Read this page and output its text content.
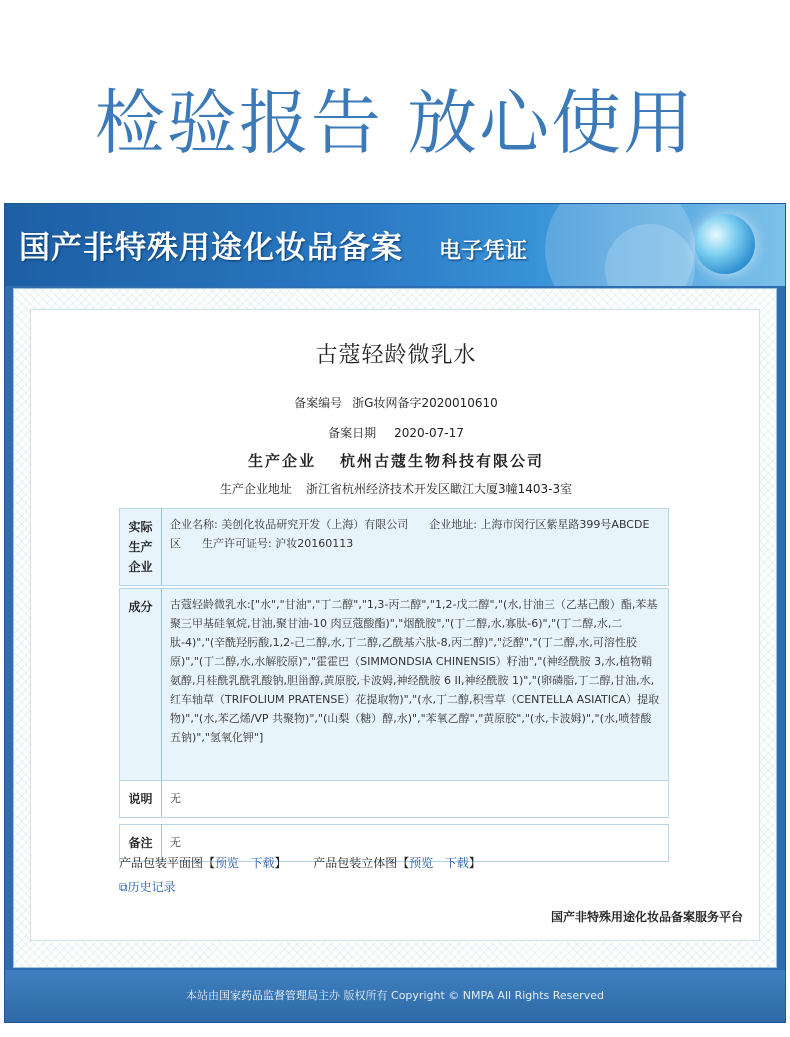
检验报告 放心使用
国产非特殊用途化妆品备案 电子凭证
古蔻轻龄微乳水
备案编号 浙G妆网备字2020010610
备案日期 2020-07-17
生产企业 杭州古蔻生物科技有限公司
生产企业地址 浙江省杭州经济技术开发区瞰江大厦3幢1403-3室
实际生产企业	企业名称: 美创化妆品研究开发（上海）有限公司 企业地址: 上海市闵行区紫星路399号ABCDE区 生产许可证号: 沪妆20160113
成分	古蔻轻龄微乳水:["水","甘油","丁二醇","1,3-丙二醇","1,2-戊二醇","(水,甘油三（乙基己酸）酯,苯基聚三甲基硅氧烷,甘油,聚甘油-10 肉豆蔻酸酯)","烟酰胺","(丁二醇,水,寡肽-6)","(丁二醇,水,二肽-4)","(辛酰羟肟酸,1,2-己二醇,水,丁二醇,乙酰基六肽-8,丙二醇)","泛醇","(丁二醇,水,可溶性胶原)","(丁二醇,水,水解胶原)","霍霍巴（SIMMONDSIA CHINENSIS）籽油","(神经酰胺 3,水,植物鞘氨醇,月桂酰乳酰乳酸钠,胆甾醇,黄原胶,卡波姆,神经酰胺 6 II,神经酰胺 1)","(卵磷脂,丁二醇,甘油,水,红车轴草（TRIFOLIUM PRATENSE）花提取物)","(水,丁二醇,积雪草（CENTELLA ASIATICA）提取物)","(水,苯乙烯/VP 共聚物)","(山梨（糖）醇,水)","苯氧乙醇","黄原胶","(水,卡波姆)","(水,喷替酸五钠)","氢氧化钾"]
说明	无
备注	无
产品包装平面图【预览 下载】       产品包装立体图【预览 下载】
⧉历史记录
国产非特殊用途化妆品备案服务平台
本站由国家药品监督管理局主办 版权所有 Copyright © NMPA All Rights Reserved
